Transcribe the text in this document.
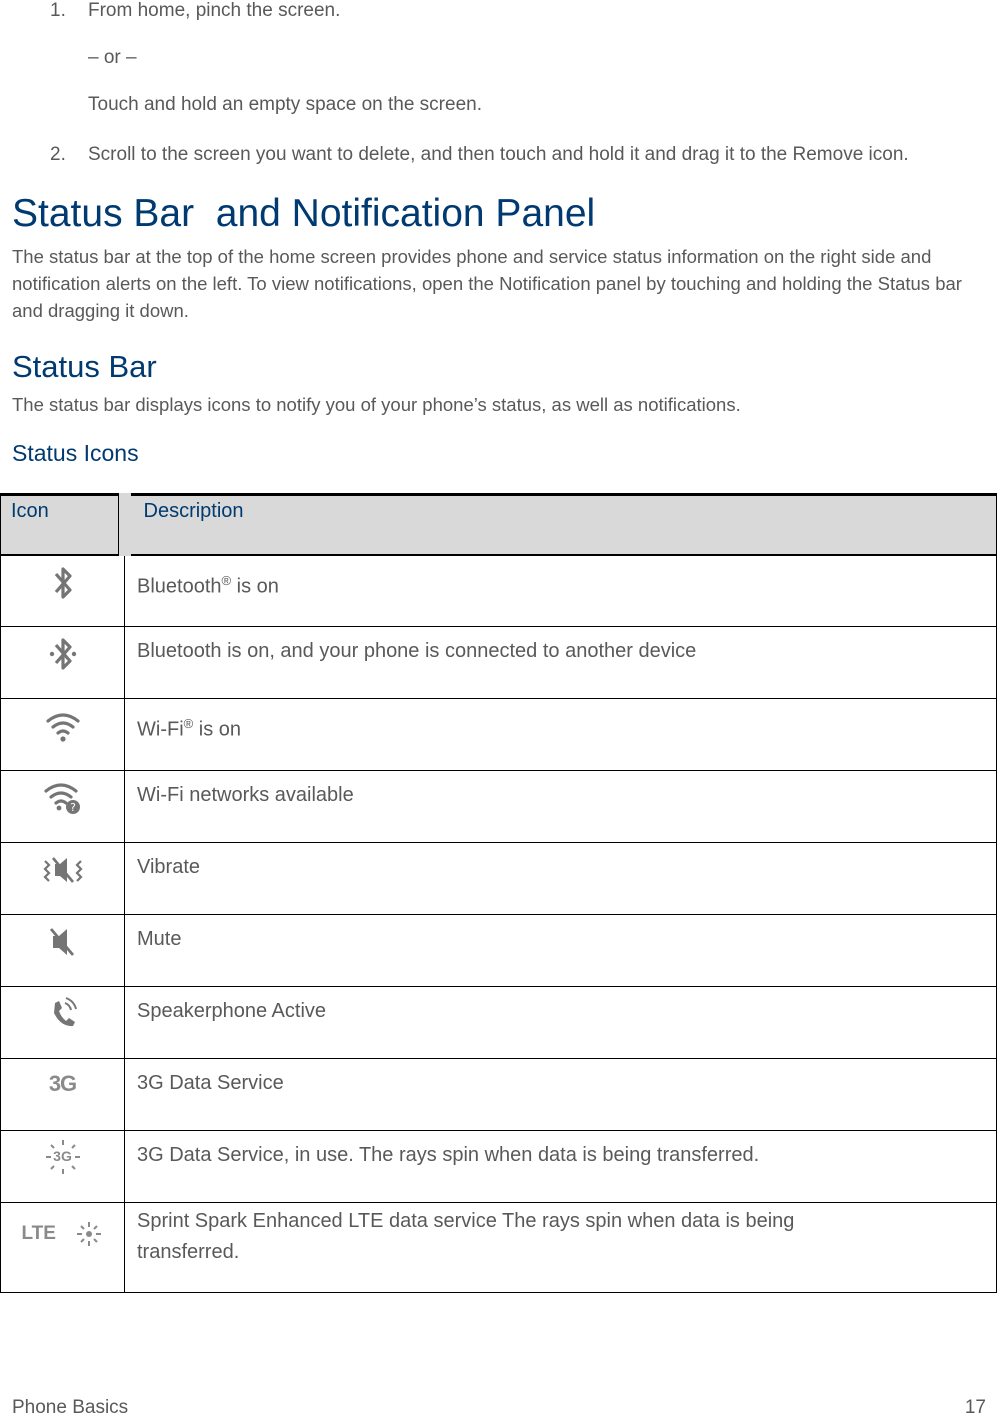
1. From home, pinch the screen.
– or –
Touch and hold an empty space on the screen.
2. Scroll to the screen you want to delete, and then touch and hold it and drag it to the Remove icon.
Status Bar  and Notification Panel
The status bar at the top of the home screen provides phone and service status information on the right side and notification alerts on the left. To view notifications, open the Notification panel by touching and holding the Status bar and dragging it down.
Status Bar
The status bar displays icons to notify you of your phone’s status, as well as notifications.
Status Icons
Icon	Description
	Bluetooth® is on
	Bluetooth is on, and your phone is connected to another device
	Wi-Fi® is on

?	Wi-Fi networks available
	Vibrate
	Mute
	Speakerphone Active
3G	3G Data Service

3G	3G Data Service, in use. The rays spin when data is being transferred.
LTE	Sprint Spark Enhanced LTE data service The rays spin when data is being transferred.
Phone Basics	17
